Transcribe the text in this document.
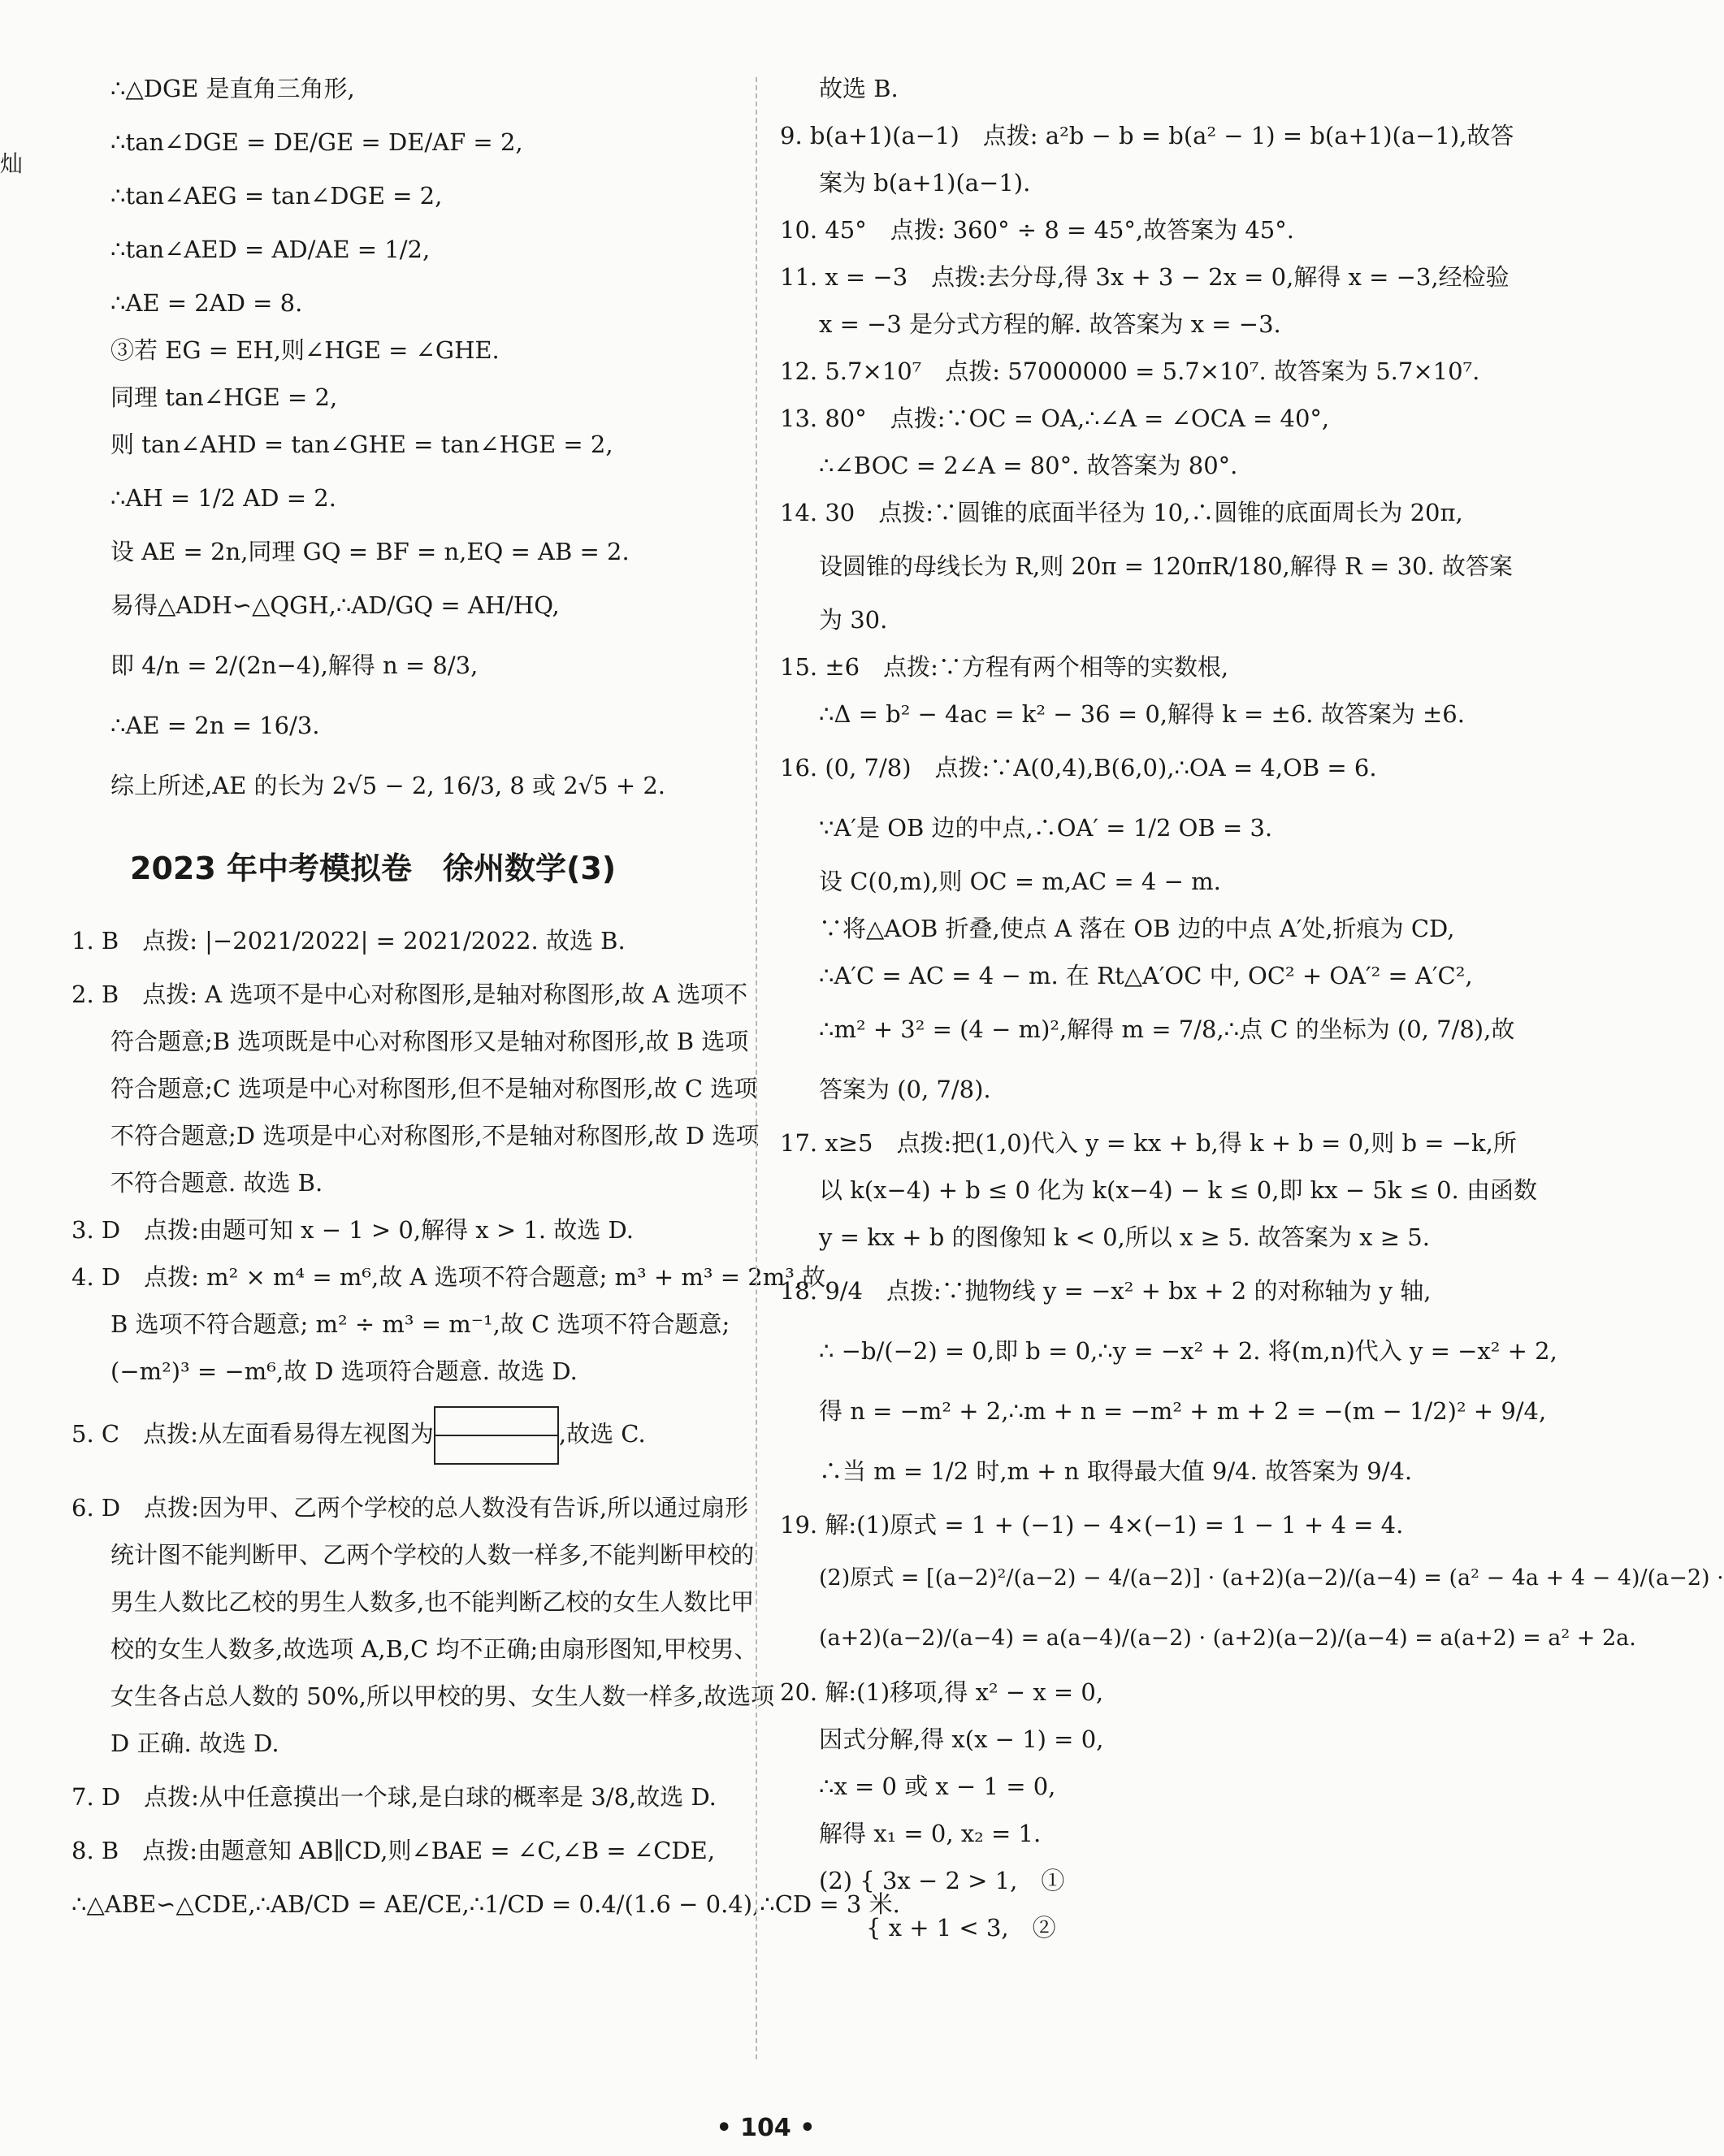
灿

∴△DGE 是直角三角形,

∴tan∠DGE = DE/GE = DE/AF = 2,

∴tan∠AEG = tan∠DGE = 2,

∴tan∠AED = AD/AE = 1/2,

∴AE = 2AD = 8.

③若 EG = EH,则∠HGE = ∠GHE.

同理 tan∠HGE = 2,

则 tan∠AHD = tan∠GHE = tan∠HGE = 2,

∴AH = 1/2 AD = 2.

设 AE = 2n,同理 GQ = BF = n,EQ = AB = 2.

易得△ADH∽△QGH,∴AD/GQ = AH/HQ,

即 4/n = 2/(2n−4),解得 n = 8/3,

∴AE = 2n = 16/3.

综上所述,AE 的长为 2√5 − 2, 16/3, 8 或 2√5 + 2.

2023 年中考模拟卷　徐州数学(3)

1. B　点拨: |−2021/2022| = 2021/2022. 故选 B.

2. B　点拨: A 选项不是中心对称图形,是轴对称图形,故 A 选项不

符合题意;B 选项既是中心对称图形又是轴对称图形,故 B 选项

符合题意;C 选项是中心对称图形,但不是轴对称图形,故 C 选项

不符合题意;D 选项是中心对称图形,不是轴对称图形,故 D 选项

不符合题意. 故选 B.

3. D　点拨:由题可知 x − 1 > 0,解得 x > 1. 故选 D.

4. D　点拨: m² × m⁴ = m⁶,故 A 选项不符合题意; m³ + m³ = 2m³,故

B 选项不符合题意; m² ÷ m³ = m⁻¹,故 C 选项不符合题意;

(−m²)³ = −m⁶,故 D 选项符合题意. 故选 D.

5. C　点拨:从左面看易得左视图为	,故选 C.

6. D　点拨:因为甲、乙两个学校的总人数没有告诉,所以通过扇形

统计图不能判断甲、乙两个学校的人数一样多,不能判断甲校的

男生人数比乙校的男生人数多,也不能判断乙校的女生人数比甲

校的女生人数多,故选项 A,B,C 均不正确;由扇形图知,甲校男、

女生各占总人数的 50%,所以甲校的男、女生人数一样多,故选项

D 正确. 故选 D.

7. D　点拨:从中任意摸出一个球,是白球的概率是 3/8,故选 D.

8. B　点拨:由题意知 AB∥CD,则∠BAE = ∠C,∠B = ∠CDE,

∴△ABE∽△CDE,∴AB/CD = AE/CE,∴1/CD = 0.4/(1.6 − 0.4),∴CD = 3 米.

故选 B.

9. b(a+1)(a−1)　点拨: a²b − b = b(a² − 1) = b(a+1)(a−1),故答

案为 b(a+1)(a−1).

10. 45°　点拨: 360° ÷ 8 = 45°,故答案为 45°.

11. x = −3　点拨:去分母,得 3x + 3 − 2x = 0,解得 x = −3,经检验

x = −3 是分式方程的解. 故答案为 x = −3.

12. 5.7×10⁷　点拨: 57000000 = 5.7×10⁷. 故答案为 5.7×10⁷.

13. 80°　点拨:∵OC = OA,∴∠A = ∠OCA = 40°,

∴∠BOC = 2∠A = 80°. 故答案为 80°.

14. 30　点拨:∵圆锥的底面半径为 10,∴圆锥的底面周长为 20π,

设圆锥的母线长为 R,则 20π = 120πR/180,解得 R = 30. 故答案

为 30.

15. ±6　点拨:∵方程有两个相等的实数根,

∴Δ = b² − 4ac = k² − 36 = 0,解得 k = ±6. 故答案为 ±6.

16. (0, 7/8)　点拨:∵A(0,4),B(6,0),∴OA = 4,OB = 6.

∵A′是 OB 边的中点,∴OA′ = 1/2 OB = 3.

设 C(0,m),则 OC = m,AC = 4 − m.

∵将△AOB 折叠,使点 A 落在 OB 边的中点 A′处,折痕为 CD,

∴A′C = AC = 4 − m. 在 Rt△A′OC 中, OC² + OA′² = A′C²,

∴m² + 3² = (4 − m)²,解得 m = 7/8,∴点 C 的坐标为 (0, 7/8),故

答案为 (0, 7/8).

17. x≥5　点拨:把(1,0)代入 y = kx + b,得 k + b = 0,则 b = −k,所

以 k(x−4) + b ≤ 0 化为 k(x−4) − k ≤ 0,即 kx − 5k ≤ 0. 由函数

y = kx + b 的图像知 k < 0,所以 x ≥ 5. 故答案为 x ≥ 5.

18. 9/4　点拨:∵抛物线 y = −x² + bx + 2 的对称轴为 y 轴,

∴ −b/(−2) = 0,即 b = 0,∴y = −x² + 2. 将(m,n)代入 y = −x² + 2,

得 n = −m² + 2,∴m + n = −m² + m + 2 = −(m − 1/2)² + 9/4,

∴当 m = 1/2 时,m + n 取得最大值 9/4. 故答案为 9/4.

19. 解:(1)原式 = 1 + (−1) − 4×(−1) = 1 − 1 + 4 = 4.

(2)原式 = [(a−2)²/(a−2) − 4/(a−2)] · (a+2)(a−2)/(a−4) = (a² − 4a + 4 − 4)/(a−2) ·

(a+2)(a−2)/(a−4) = a(a−4)/(a−2) · (a+2)(a−2)/(a−4) = a(a+2) = a² + 2a.

20. 解:(1)移项,得 x² − x = 0,

因式分解,得 x(x − 1) = 0,

∴x = 0 或 x − 1 = 0,

解得 x₁ = 0, x₂ = 1.

(2) { 3x − 2 > 1,　①

　　{ x + 1 < 3,　②

• 104 •
